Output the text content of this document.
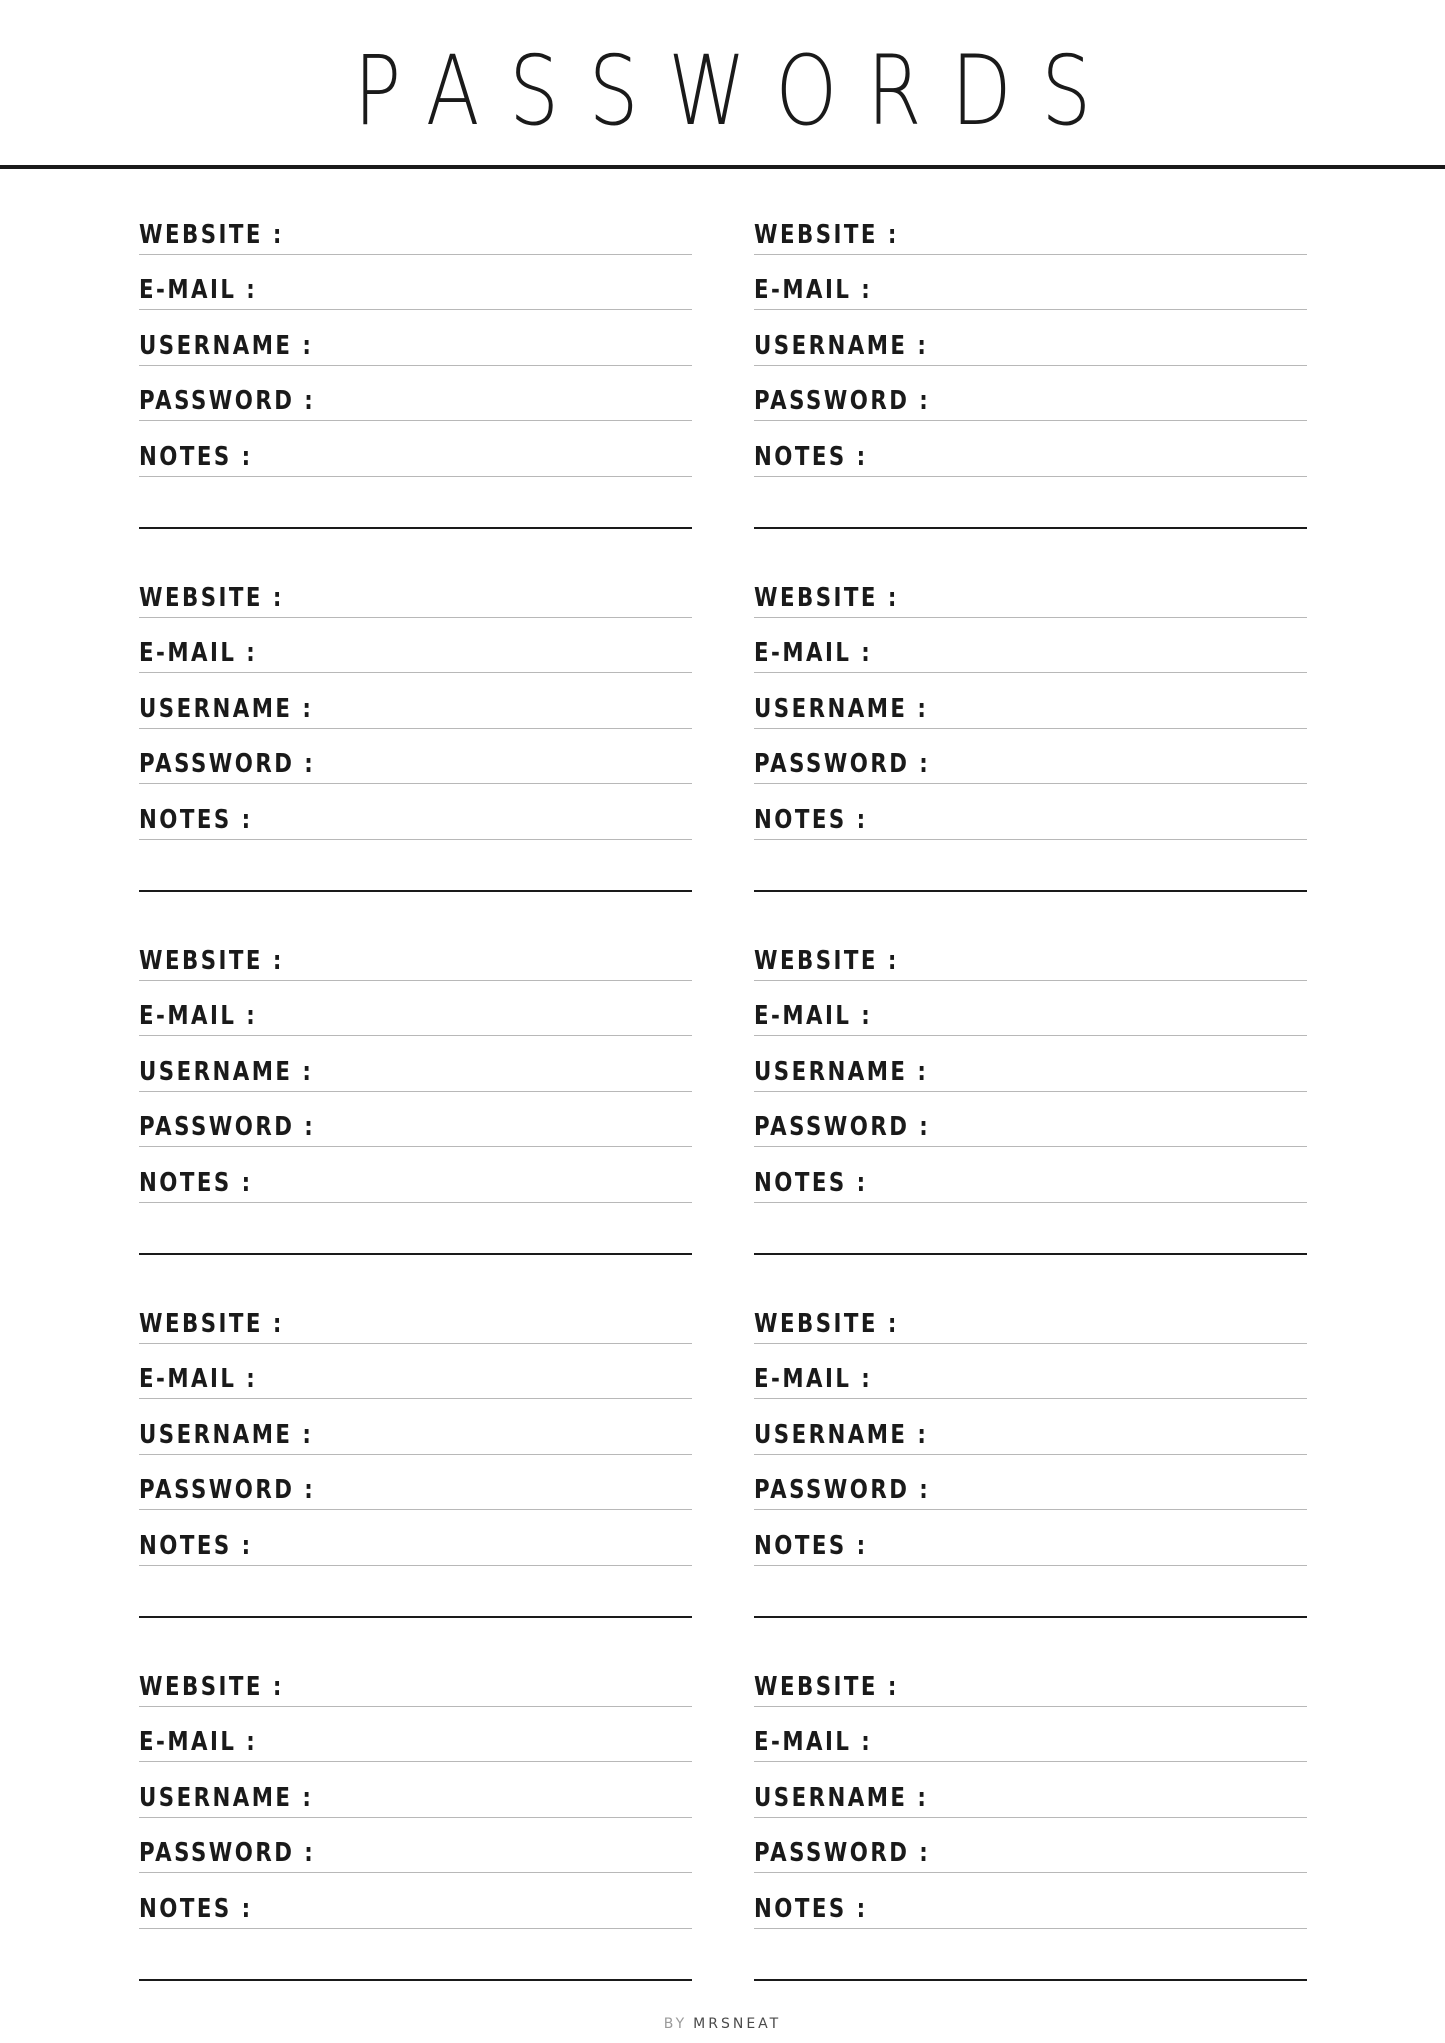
PASSWORDS
WEBSITE :
E-MAIL :
USERNAME :
PASSWORD :
NOTES :
WEBSITE :
E-MAIL :
USERNAME :
PASSWORD :
NOTES :
WEBSITE :
E-MAIL :
USERNAME :
PASSWORD :
NOTES :
WEBSITE :
E-MAIL :
USERNAME :
PASSWORD :
NOTES :
WEBSITE :
E-MAIL :
USERNAME :
PASSWORD :
NOTES :
WEBSITE :
E-MAIL :
USERNAME :
PASSWORD :
NOTES :
WEBSITE :
E-MAIL :
USERNAME :
PASSWORD :
NOTES :
WEBSITE :
E-MAIL :
USERNAME :
PASSWORD :
NOTES :
WEBSITE :
E-MAIL :
USERNAME :
PASSWORD :
NOTES :
WEBSITE :
E-MAIL :
USERNAME :
PASSWORD :
NOTES :
BY MRSNEAT
